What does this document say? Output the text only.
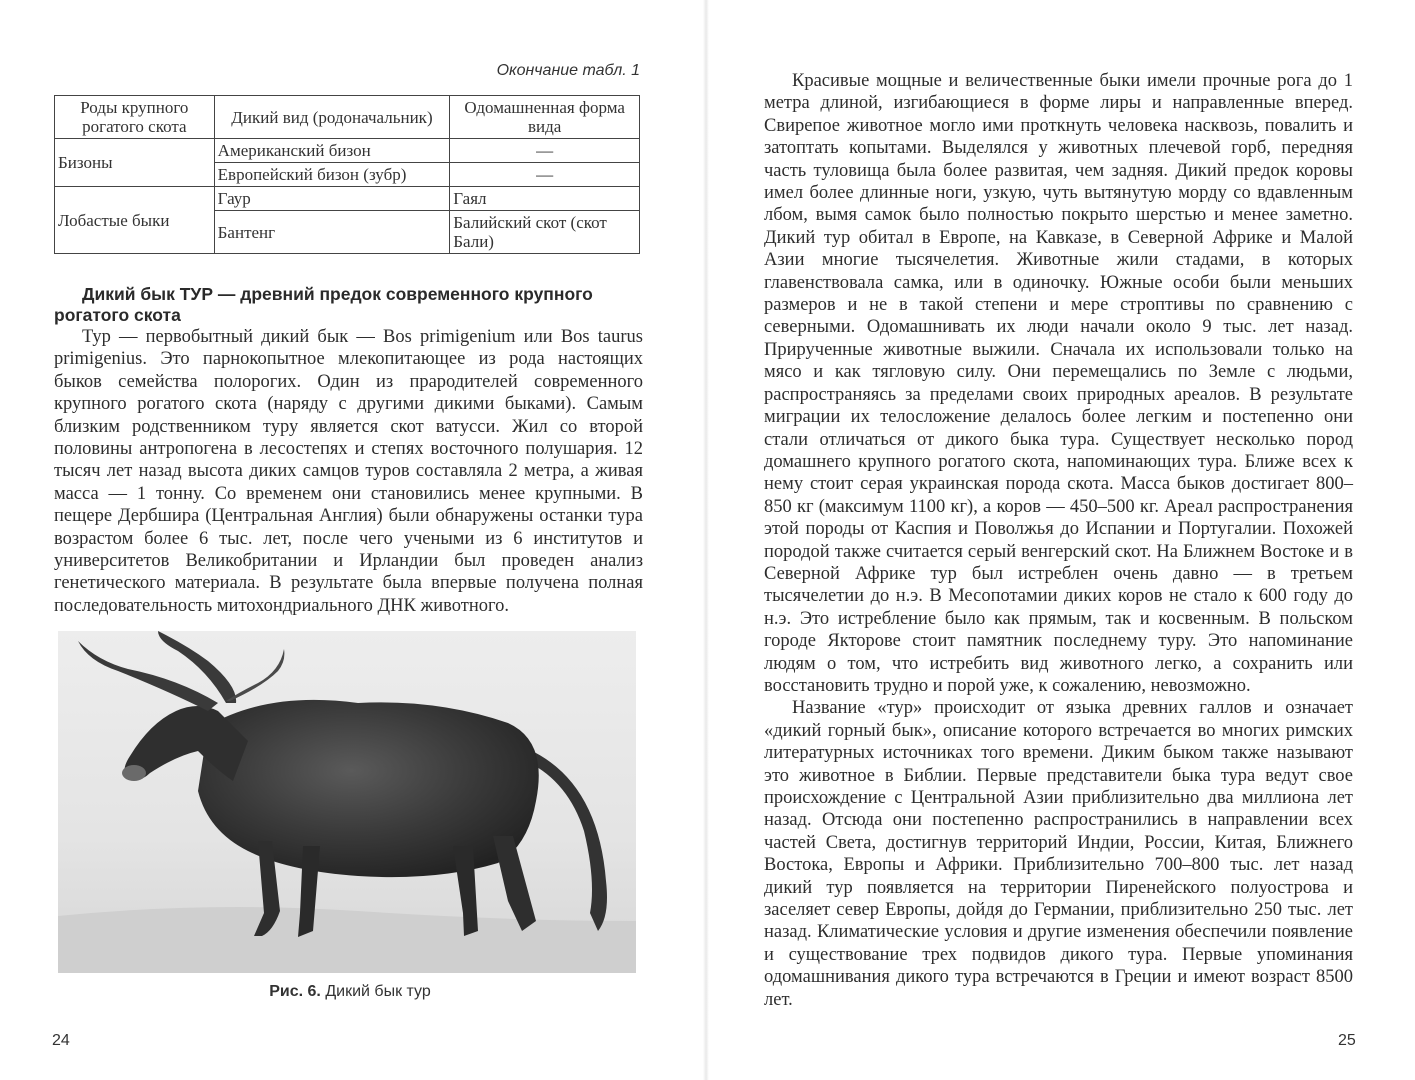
Окончание табл. 1
Роды крупного рогатого скота	Дикий вид (родоначальник)	Одомашненная форма вида
Бизоны	Американский бизон	—
	Европейский бизон (зубр)	—
Лобастые быки	Гаур	Гаял
	Бантенг	Балийский скот (скот Бали)
Дикий бык ТУР — древний предок современного крупного рогатого скота

Тур — первобытный дикий бык — Bos primigenium или Bos taurus primigenius. Это парнокопытное млекопитающее из рода настоящих быков семейства полорогих. Один из прародителей современного крупного рогатого скота (наряду с другими дикими быками). Самым близким родственником туру является скот ватусси. Жил со второй половины антропогена в лесостепях и степях восточного полушария. 12 тысяч лет назад высота диких самцов туров составляла 2 метра, а живая масса — 1 тонну. Со временем они становились менее крупными. В пещере Дербшира (Центральная Англия) были обнаружены останки тура возрастом более 6 тыс. лет, после чего учеными из 6 институтов и университетов Великобритании и Ирландии был проведен анализ генетического материала. В результате была впервые получена полная последовательность митохондриального ДНК животного.

Рис. 6. Дикий бык тур
24

Красивые мощные и величественные быки имели прочные рога до 1 метра длиной, изгибающиеся в форме лиры и направленные вперед. Свирепое животное могло ими проткнуть человека насквозь, повалить и затоптать копытами. Выделялся у животных плечевой горб, передняя часть туловища была более развитая, чем задняя. Дикий предок коровы имел более длинные ноги, узкую, чуть вытянутую морду со вдавленным лбом, вымя самок было полностью покрыто шерстью и менее заметно. Дикий тур обитал в Европе, на Кавказе, в Северной Африке и Малой Азии многие тысячелетия. Животные жили стадами, в которых главенствовала самка, или в одиночку. Южные особи были меньших размеров и не в такой степени и мере строптивы по сравнению с северными. Одомашнивать их люди начали около 9 тыс. лет назад. Прирученные животные выжили. Сначала их использовали только на мясо и как тягловую силу. Они перемещались по Земле с людьми, распространяясь за пределами своих природных ареалов. В результате миграции их телосложение делалось более легким и постепенно они стали отличаться от дикого быка тура. Существует несколько пород домашнего крупного рогатого скота, напоминающих тура. Ближе всех к нему стоит серая украинская порода скота. Масса быков достигает 800–850 кг (максимум 1100 кг), а коров — 450–500 кг. Ареал распространения этой породы от Каспия и Поволжья до Испании и Португалии. Похожей породой также считается серый венгерский скот. На Ближнем Востоке и в Северной Африке тур был истреблен очень давно — в третьем тысячелетии до н.э. В Месопотамии диких коров не стало к 600 году до н.э. Это истребление было как прямым, так и косвенным. В польском городе Якторове стоит памятник последнему туру. Это напоминание людям о том, что истребить вид животного легко, а сохранить или восстановить трудно и порой уже, к сожалению, невозможно.

Название «тур» происходит от языка древних галлов и означает «дикий горный бык», описание которого встречается во многих римских литературных источниках того времени. Диким быком также называют это животное в Библии. Первые представители быка тура ведут свое происхождение с Центральной Азии приблизительно два миллиона лет назад. Отсюда они постепенно распространились в направлении всех частей Света, достигнув территорий Индии, России, Китая, Ближнего Востока, Европы и Африки. Приблизительно 700–800 тыс. лет назад дикий тур появляется на территории Пиренейского полуострова и заселяет север Европы, дойдя до Германии, приблизительно 250 тыс. лет назад. Климатические условия и другие изменения обеспечили появление и существование трех подвидов дикого тура. Первые упоминания одомашнивания дикого тура встречаются в Греции и имеют возраст 8500 лет.

25
